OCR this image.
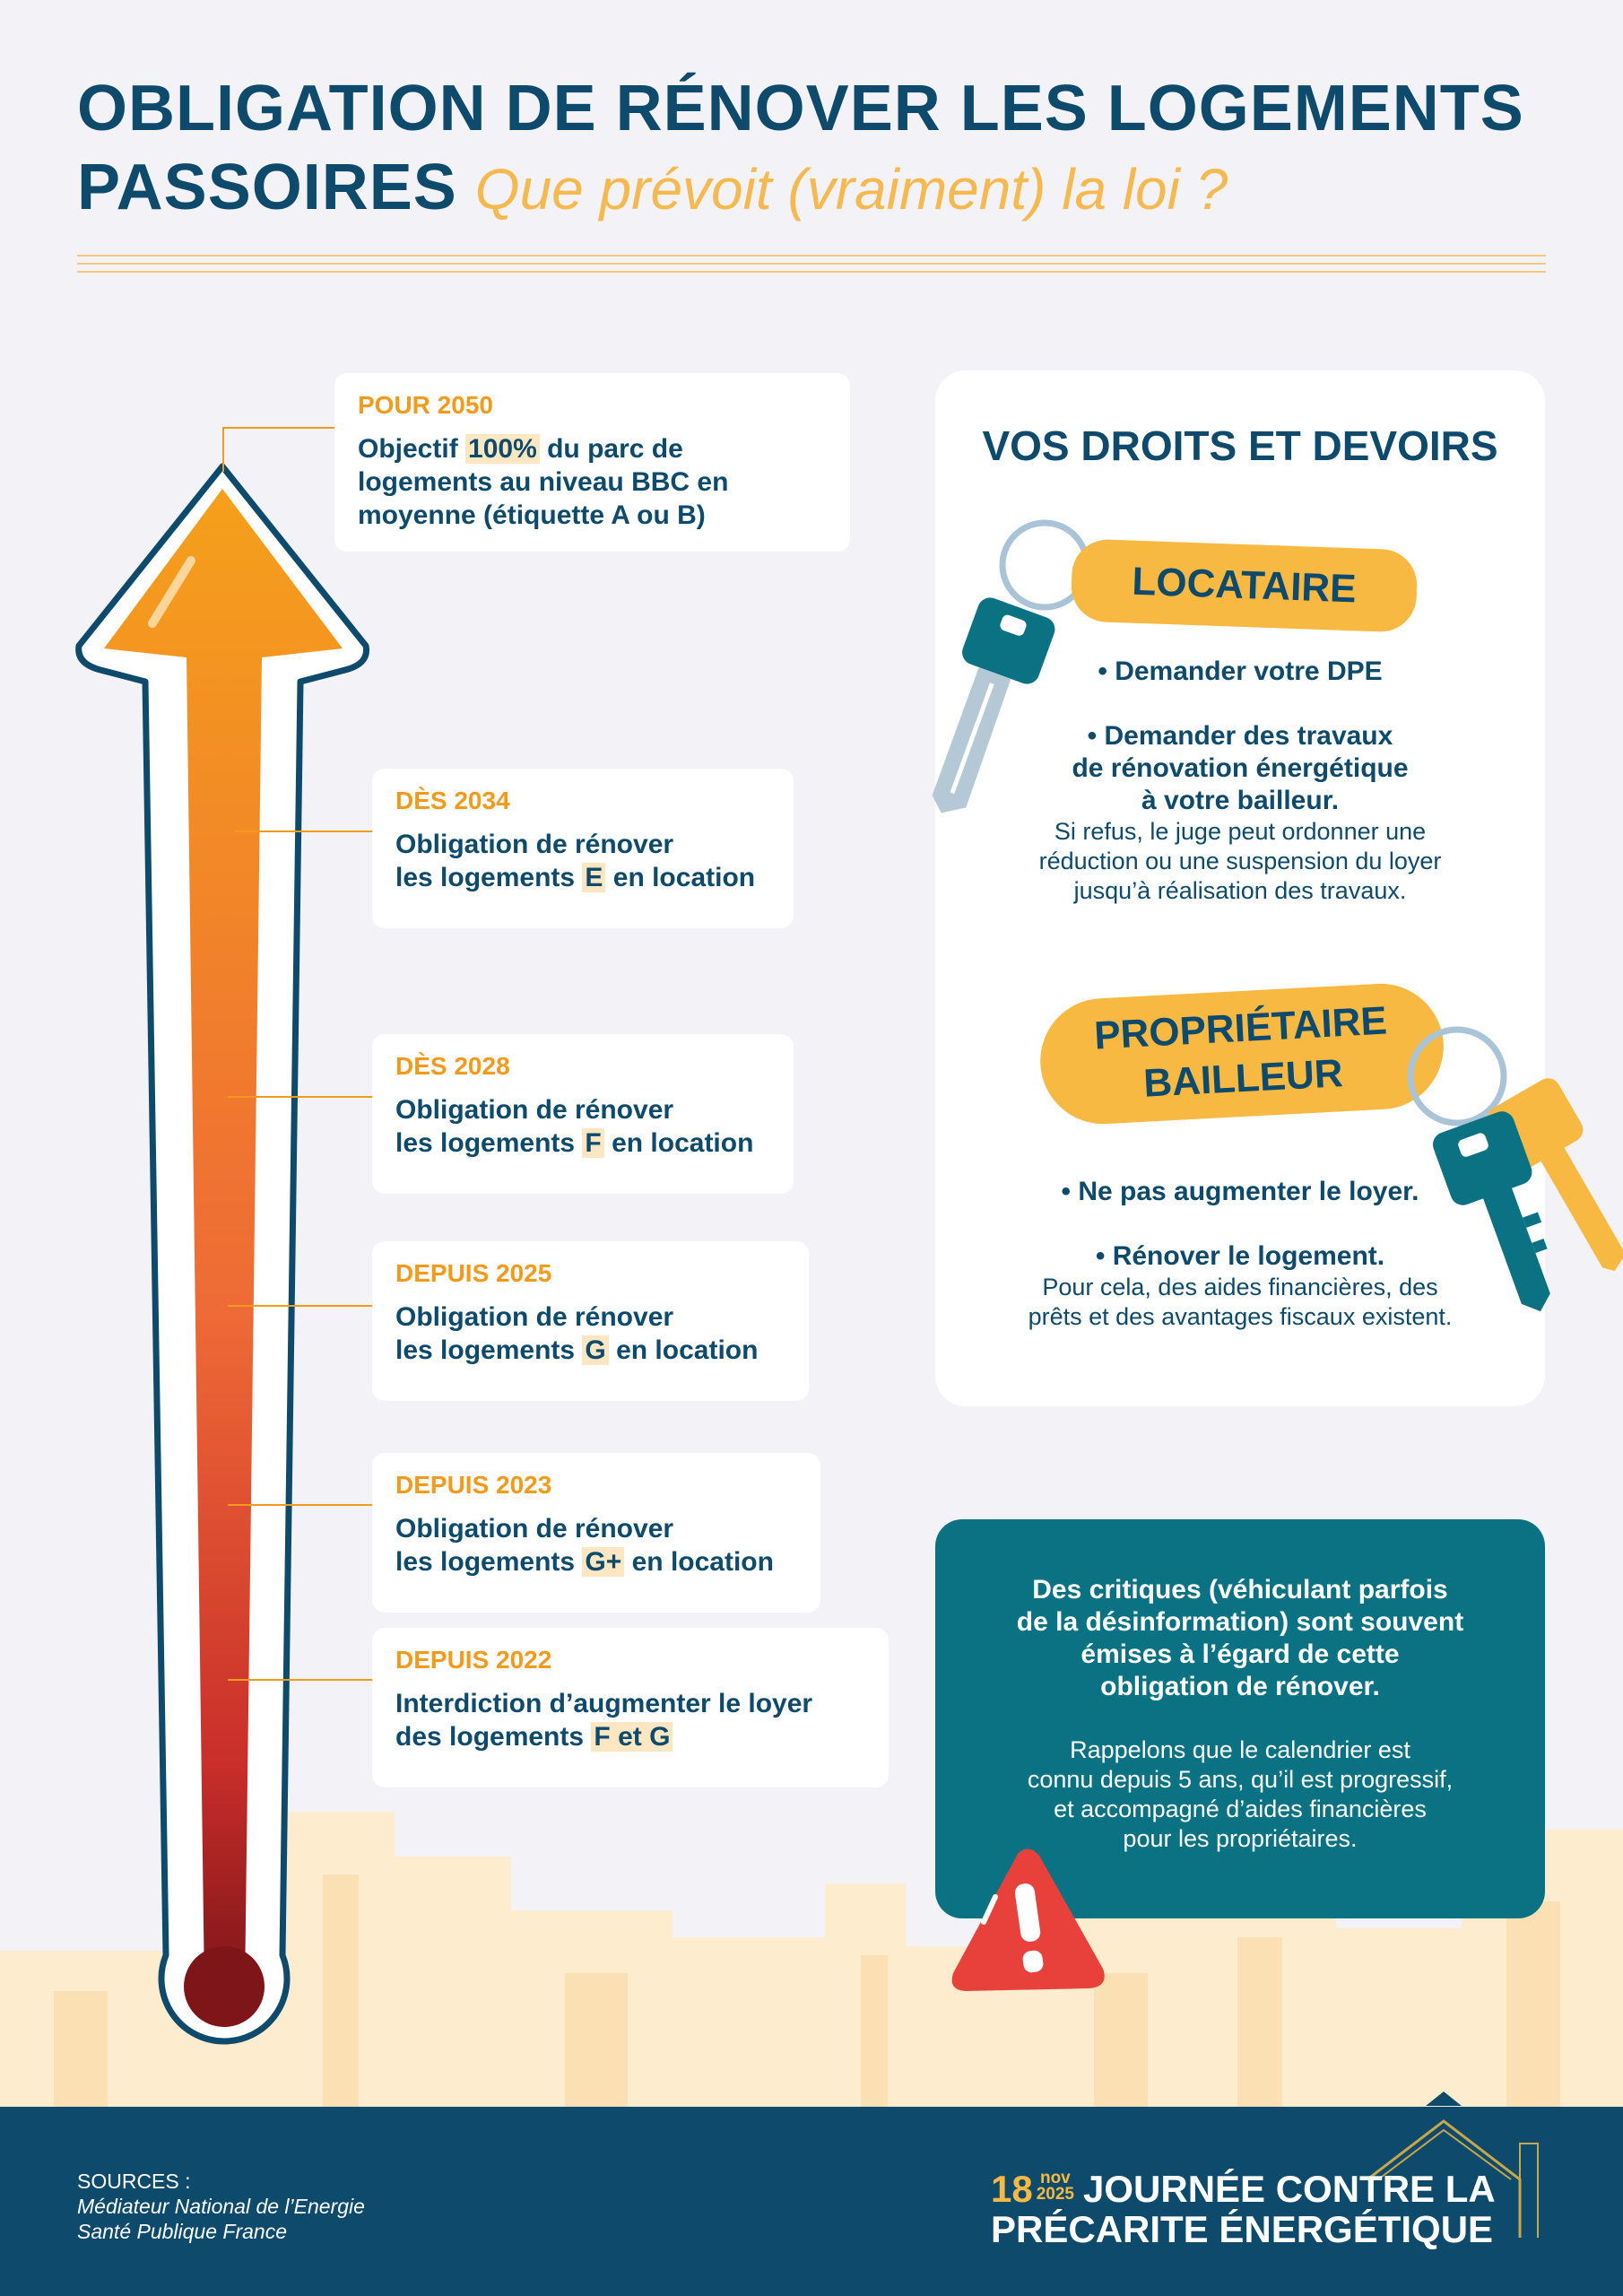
OBLIGATION DE RÉNOVER LES LOGEMENTS
PASSOIRES Que prévoit (vraiment) la loi ?
POUR 2050
Objectif 100% du parc de
logements au niveau BBC en
moyenne (étiquette A ou B)
DÈS 2034
Obligation de rénover
les logements E en location
DÈS 2028
Obligation de rénover
les logements F en location
DEPUIS 2025
Obligation de rénover
les logements G en location
DEPUIS 2023
Obligation de rénover
les logements G+ en location
DEPUIS 2022
Interdiction d’augmenter le loyer
des logements F et G
VOS DROITS ET DEVOIRS
LOCATAIRE
• Demander votre DPE
• Demander des travaux
de rénovation énergétique
à votre bailleur.
Si refus, le juge peut ordonner une
réduction ou une suspension du loyer
jusqu’à réalisation des travaux.
PROPRIÉTAIRE
BAILLEUR
• Ne pas augmenter le loyer.
• Rénover le logement.
Pour cela, des aides financières, des
prêts et des avantages fiscaux existent.
Des critiques (véhiculant parfois
de la désinformation) sont souvent
émises à l’égard de cette
obligation de rénover.
Rappelons que le calendrier est
connu depuis 5 ans, qu’il est progressif,
et accompagné d’aides financières
pour les propriétaires.
SOURCES :
Médiateur National de l’Energie
Santé Publique France
18 nov
2025 JOURNÉE CONTRE LA
PRÉCARITE ÉNERGÉTIQUE
